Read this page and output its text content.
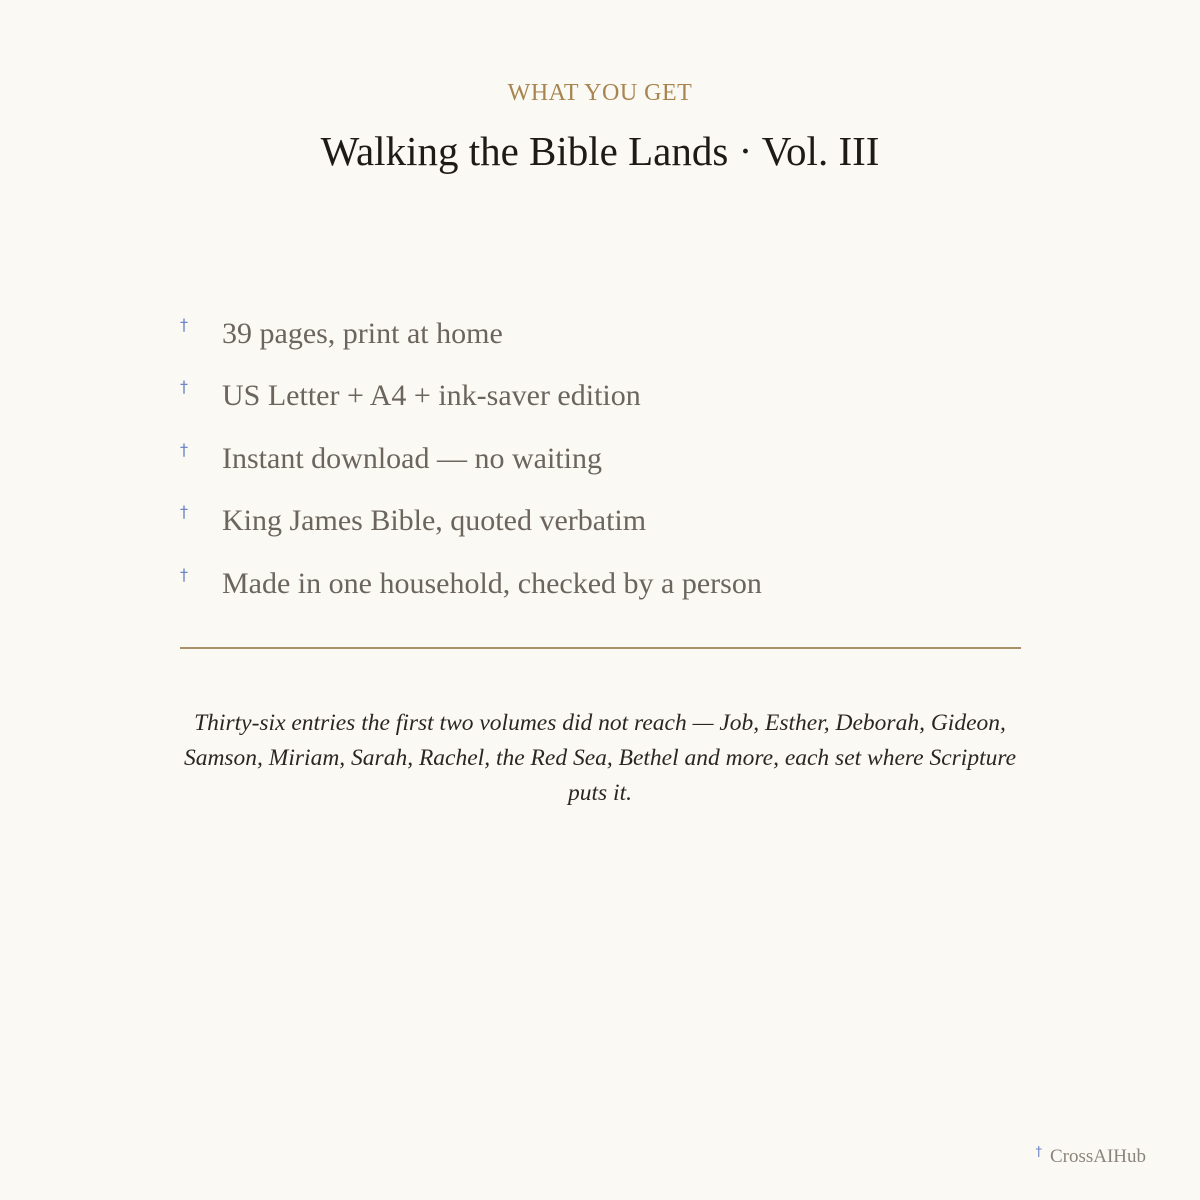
WHAT YOU GET
Walking the Bible Lands · Vol. III
† 39 pages, print at home
† US Letter + A4 + ink-saver edition
† Instant download — no waiting
† King James Bible, quoted verbatim
† Made in one household, checked by a person

Thirty-six entries the first two volumes did not reach — Job, Esther, Deborah, Gideon, Samson, Miriam, Sarah, Rachel, the Red Sea, Bethel and more, each set where Scripture puts it.

† CrossAIHub
